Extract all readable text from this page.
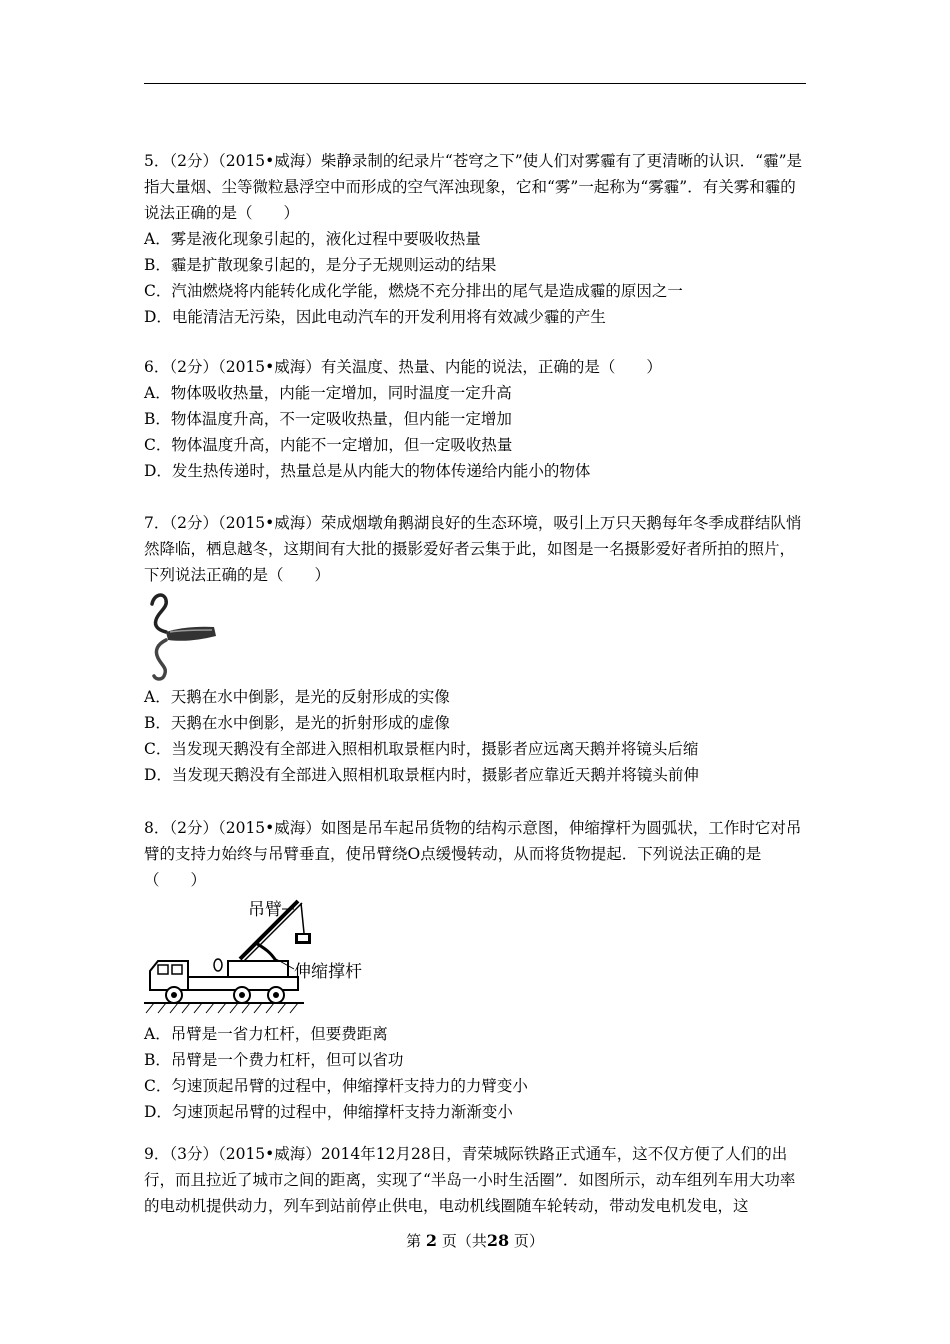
5．（2分）（2015•威海）柴静录制的纪录片“苍穹之下”使人们对雾霾有了更清晰的认识．“霾”是指大量烟、尘等微粒悬浮空中而形成的空气浑浊现象，它和“雾”一起称为“雾霾”．有关雾和霾的说法正确的是（　　）

A．雾是液化现象引起的，液化过程中要吸收热量

B．霾是扩散现象引起的，是分子无规则运动的结果

C．汽油燃烧将内能转化成化学能，燃烧不充分排出的尾气是造成霾的原因之一

D．电能清洁无污染，因此电动汽车的开发利用将有效减少霾的产生

6．（2分）（2015•威海）有关温度、热量、内能的说法，正确的是（　　）

A．物体吸收热量，内能一定增加，同时温度一定升高

B．物体温度升高，不一定吸收热量，但内能一定增加

C．物体温度升高，内能不一定增加，但一定吸收热量

D．发生热传递时，热量总是从内能大的物体传递给内能小的物体

7．（2分）（2015•威海）荣成烟墩角鹅湖良好的生态环境，吸引上万只天鹅每年冬季成群结队悄然降临，栖息越冬，这期间有大批的摄影爱好者云集于此，如图是一名摄影爱好者所拍的照片，下列说法正确的是（　　）

A．天鹅在水中倒影，是光的反射形成的实像

B．天鹅在水中倒影，是光的折射形成的虚像

C．当发现天鹅没有全部进入照相机取景框内时，摄影者应远离天鹅并将镜头后缩

D．当发现天鹅没有全部进入照相机取景框内时，摄影者应靠近天鹅并将镜头前伸

8．（2分）（2015•威海）如图是吊车起吊货物的结构示意图，伸缩撑杆为圆弧状，工作时它对吊臂的支持力始终与吊臂垂直，使吊臂绕O点缓慢转动，从而将货物提起．下列说法正确的是（　　）

吊臂
伸缩撑杆

A．吊臂是一省力杠杆，但要费距离

B．吊臂是一个费力杠杆，但可以省功

C．匀速顶起吊臂的过程中，伸缩撑杆支持力的力臂变小

D．匀速顶起吊臂的过程中，伸缩撑杆支持力渐渐变小

9．（3分）（2015•威海）2014年12月28日，青荣城际铁路正式通车，这不仅方便了人们的出行，而且拉近了城市之间的距离，实现了“半岛一小时生活圈”．如图所示，动车组列车用大功率的电动机提供动力，列车到站前停止供电，电动机线圈随车轮转动，带动发电机发电，这

第 2 页（共28 页）
